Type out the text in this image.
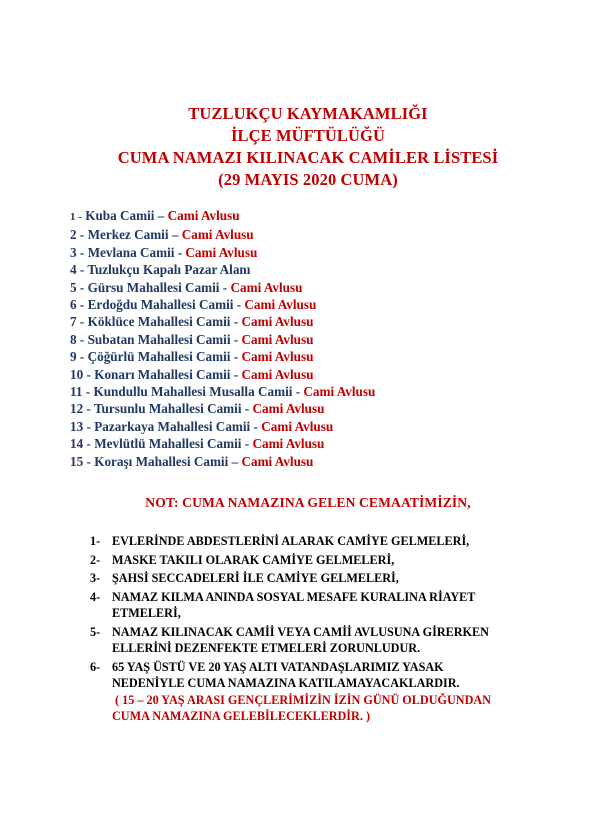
TUZLUKÇU KAYMAKAMLIĞI
İLÇE MÜFTÜLÜĞÜ
CUMA NAMAZI KILINACAK CAMİLER LİSTESİ
(29 MAYIS 2020 CUMA)
1 - Kuba Camii – Cami Avlusu
2 - Merkez Camii – Cami Avlusu
3 - Mevlana Camii - Cami Avlusu
4 - Tuzlukçu Kapalı Pazar Alanı
5 - Gürsu Mahallesi Camii - Cami Avlusu
6 - Erdoğdu Mahallesi Camii - Cami Avlusu
7 - Köklüce Mahallesi Camii - Cami Avlusu
8 - Subatan Mahallesi Camii - Cami Avlusu
9 - Çöğürlü Mahallesi Camii - Cami Avlusu
10 - Konarı Mahallesi Camii - Cami Avlusu
11 - Kundullu Mahallesi Musalla Camii - Cami Avlusu
12 - Tursunlu Mahallesi Camii - Cami Avlusu
13 - Pazarkaya Mahallesi Camii - Cami Avlusu
14 - Mevlütlü Mahallesi Camii - Cami Avlusu
15 - Koraşı Mahallesi Camii – Cami Avlusu
NOT: CUMA NAMAZINA GELEN CEMAATİMİZİN,
1- EVLERİNDE ABDESTLERİNİ ALARAK CAMİYE GELMELERİ,
2- MASKE TAKILI OLARAK CAMİYE GELMELERİ,
3- ŞAHSİ SECCADELERİ İLE CAMİYE GELMELERİ,
4- NAMAZ KILMA ANINDA SOSYAL MESAFE KURALINA RİAYET
ETMELERİ,
5- NAMAZ KILINACAK CAMİİ VEYA CAMİİ AVLUSUNA GİRERKEN
ELLERİNİ DEZENFEKTE ETMELERİ ZORUNLUDUR.
6- 65 YAŞ ÜSTÜ VE 20 YAŞ ALTI VATANDAŞLARIMIZ YASAK
NEDENİYLE CUMA NAMAZINA KATILAMAYACAKLARDIR.
( 15 – 20 YAŞ ARASI GENÇLERİMİZİN İZİN GÜNÜ OLDUĞUNDAN
CUMA NAMAZINA GELEBİLECEKLERDİR. )
